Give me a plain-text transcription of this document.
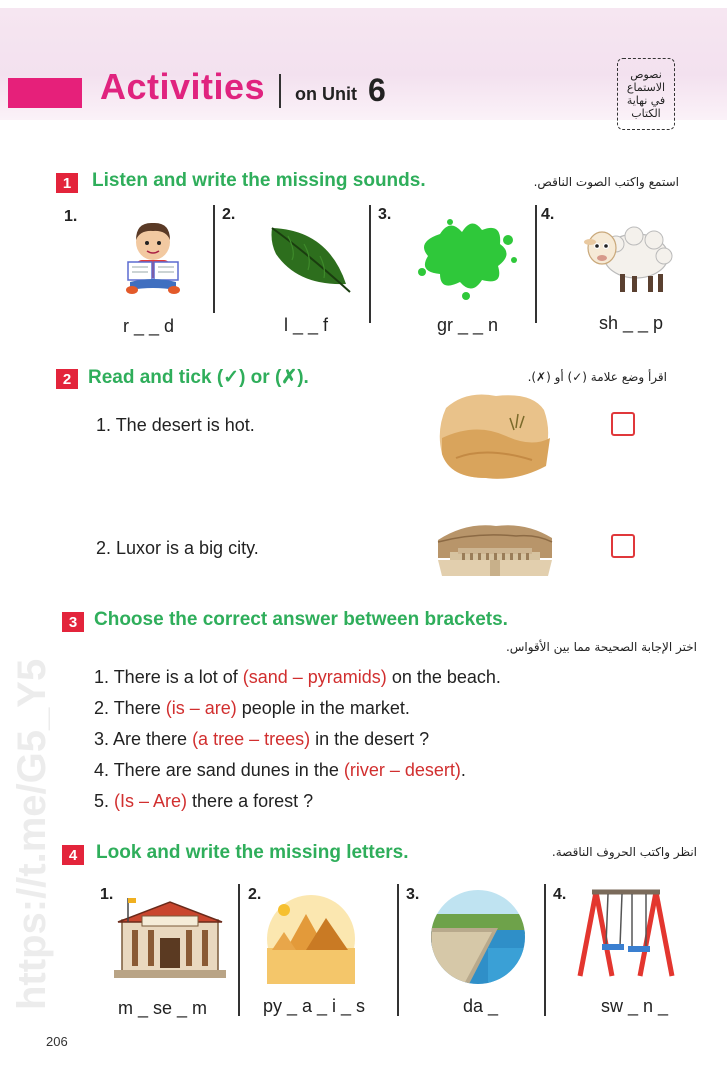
https://t.me/G5_Y5
Activities on Unit 6	نصوص الاستماع في نهاية الكتاب
1	Listen and write the missing sounds.	استمع واكتب الصوت الناقص.
1.	2.	3.	4.
r _ _ d	l _ _ f	gr _ _ n	sh _ _ p
2 Read and tick (✓) or (✗).	اقرأ وضع علامة (✓) أو (✗).
1. The desert is hot.
2. Luxor is a big city.
3 Choose the correct answer between brackets.
اختر الإجابة الصحيحة مما بين الأقواس.
1. There is a lot of (sand – pyramids) on the beach.
2. There (is – are) people in the market.
3. Are there (a tree – trees) in the desert ?
4. There are sand dunes in the (river – desert).
5. (Is – Are) there a forest ?
4 Look and write the missing letters.	انظر واكتب الحروف الناقصة.
1.	2.	3.	4.
m _ se _ m	py _ a _ i _ s	da _	sw _ n _
206
